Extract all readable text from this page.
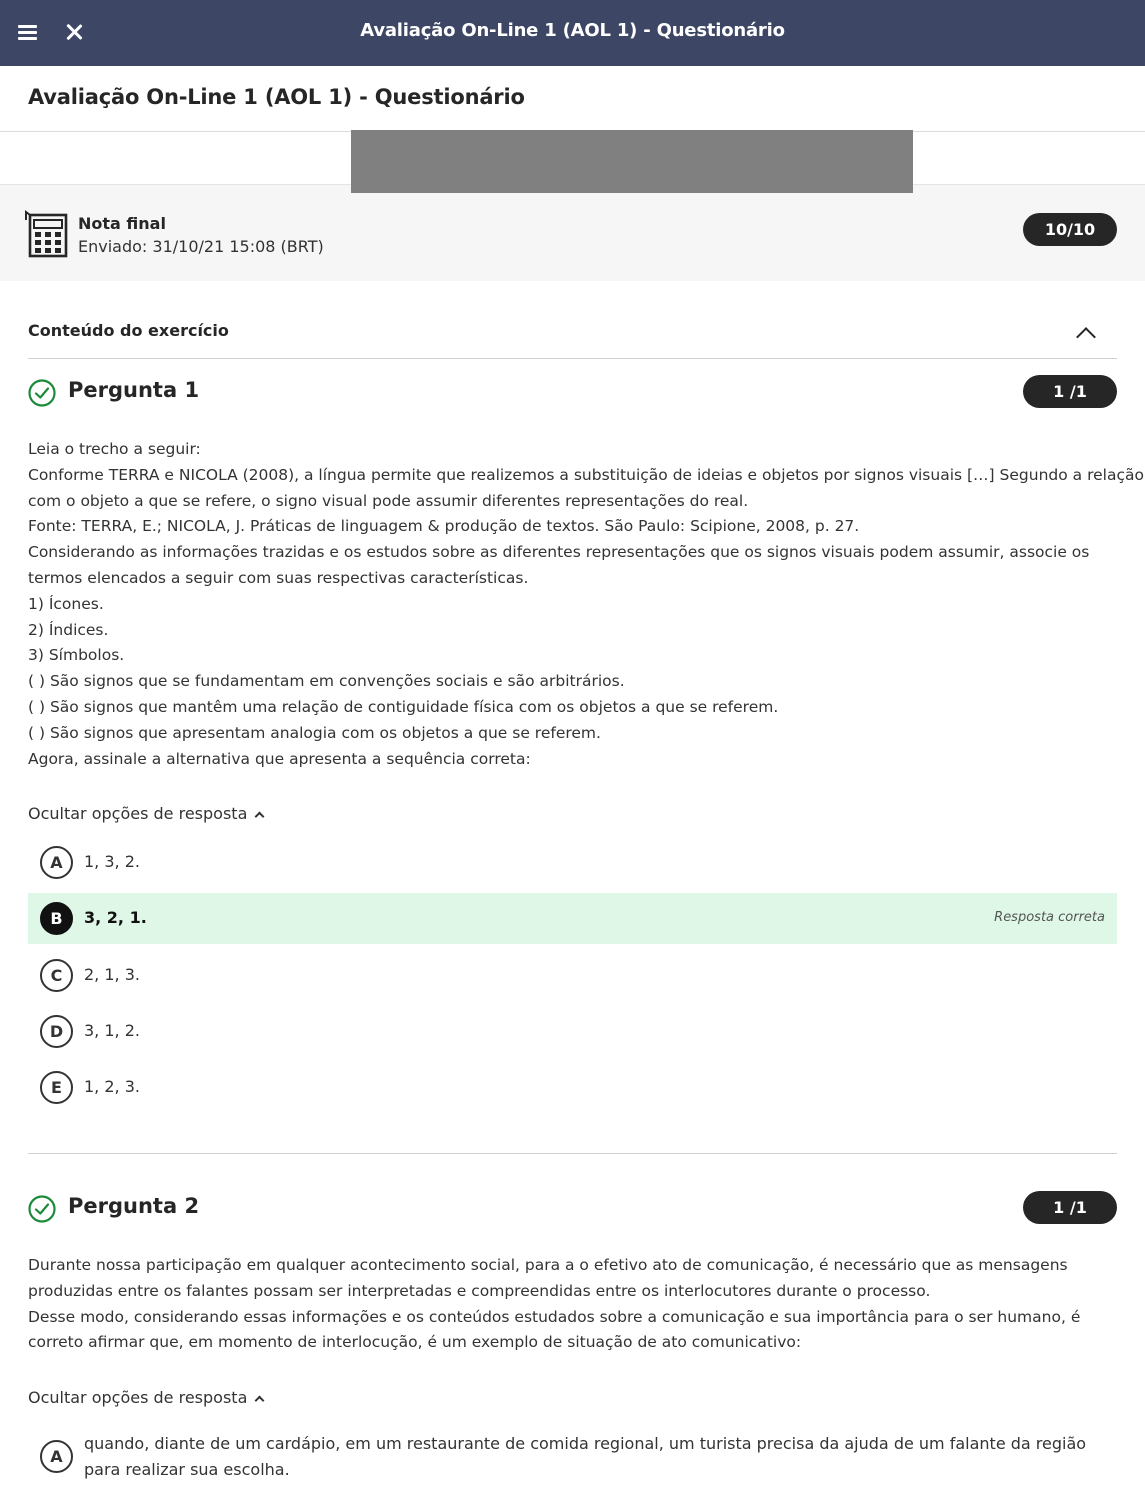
Avaliação On-Line 1 (AOL 1) - Questionário
Avaliação On-Line 1 (AOL 1) - Questionário
Nota final
Enviado: 31/10/21 15:08 (BRT)
10/10
Conteúdo do exercício
Pergunta 1	1 /1
Leia o trecho a seguir:
Conforme TERRA e NICOLA (2008), a língua permite que realizemos a substituição de ideias e objetos por signos visuais […] Segundo a relação
com o objeto a que se refere, o signo visual pode assumir diferentes representações do real.
Fonte: TERRA, E.; NICOLA, J. Práticas de linguagem & produção de textos. São Paulo: Scipione, 2008, p. 27.
Considerando as informações trazidas e os estudos sobre as diferentes representações que os signos visuais podem assumir, associe os
termos elencados a seguir com suas respectivas características.
1) Ícones.
2) Índices.
3) Símbolos.
( ) São signos que se fundamentam em convenções sociais e são arbitrários.
( ) São signos que mantêm uma relação de contiguidade física com os objetos a que se referem.
( ) São signos que apresentam analogia com os objetos a que se referem.
Agora, assinale a alternativa que apresenta a sequência correta:
Ocultar opções de resposta
A	1, 3, 2.
B	3, 2, 1.	Resposta correta
C	2, 1, 3.
D	3, 1, 2.
E	1, 2, 3.
Pergunta 2	1 /1
Durante nossa participação em qualquer acontecimento social, para a o efetivo ato de comunicação, é necessário que as mensagens
produzidas entre os falantes possam ser interpretadas e compreendidas entre os interlocutores durante o processo.
Desse modo, considerando essas informações e os conteúdos estudados sobre a comunicação e sua importância para o ser humano, é
correto afirmar que, em momento de interlocução, é um exemplo de situação de ato comunicativo:
Ocultar opções de resposta
A
quando, diante de um cardápio, em um restaurante de comida regional, um turista precisa da ajuda de um falante da região para realizar sua escolha.
